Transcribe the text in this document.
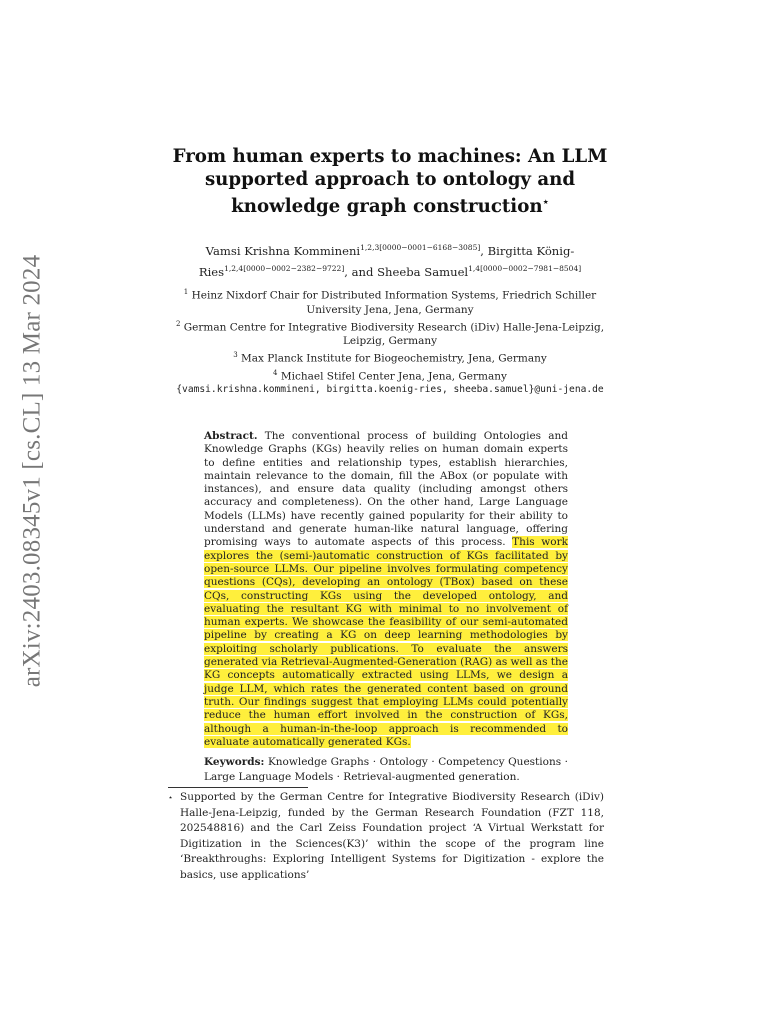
arXiv:2403.08345v1 [cs.CL] 13 Mar 2024
From human experts to machines: An LLM supported approach to ontology and knowledge graph construction⋆
Vamsi Krishna Kommineni$^{1,2,3[0000-0001-6168-3085]}$, Birgitta König-Ries$^{1,2,4[0000-0002-2382-9722]}$, and Sheeba Samuel$^{1,4[0000-0002-7981-8504]}$
$^1$ Heinz Nixdorf Chair for Distributed Information Systems, Friedrich Schiller University Jena, Jena, Germany
$^2$ German Centre for Integrative Biodiversity Research (iDiv) Halle-Jena-Leipzig, Leipzig, Germany
$^3$ Max Planck Institute for Biogeochemistry, Jena, Germany
$^4$ Michael Stifel Center Jena, Jena, Germany
{vamsi.krishna.kommineni, birgitta.koenig-ries, sheeba.samuel}@uni-jena.de
Abstract. The conventional process of building Ontologies and Knowledge Graphs (KGs) heavily relies on human domain experts to define entities and relationship types, establish hierarchies, maintain relevance to the domain, fill the ABox (or populate with instances), and ensure data quality (including amongst others accuracy and completeness). On the other hand, Large Language Models (LLMs) have recently gained popularity for their ability to understand and generate human-like natural language, offering promising ways to automate aspects of this process. This work explores the (semi-)automatic construction of KGs facilitated by open-source LLMs. Our pipeline involves formulating competency questions (CQs), developing an ontology (TBox) based on these CQs, constructing KGs using the developed ontology, and evaluating the resultant KG with minimal to no involvement of human experts. We showcase the feasibility of our semi-automated pipeline by creating a KG on deep learning methodologies by exploiting scholarly publications. To evaluate the answers generated via Retrieval-Augmented-Generation (RAG) as well as the KG concepts automatically extracted using LLMs, we design a judge LLM, which rates the generated content based on ground truth. Our findings suggest that employing LLMs could potentially reduce the human effort involved in the construction of KGs, although a human-in-the-loop approach is recommended to evaluate automatically generated KGs.
Keywords: Knowledge Graphs · Ontology · Competency Questions · Large Language Models · Retrieval-augmented generation.
⋆ Supported by the German Centre for Integrative Biodiversity Research (iDiv) Halle-Jena-Leipzig, funded by the German Research Foundation (FZT 118, 202548816) and the Carl Zeiss Foundation project ‘A Virtual Werkstatt for Digitization in the Sciences(K3)’ within the scope of the program line ‘Breakthroughs: Exploring Intelligent Systems for Digitization - explore the basics, use applications’
